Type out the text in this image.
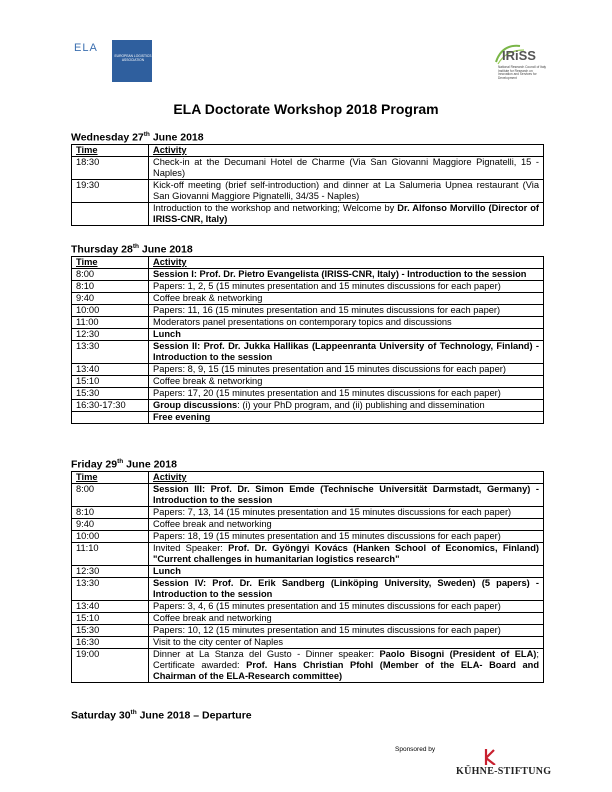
ELA
EUROPEAN LOGISTICS ASSOCIATION	IRiSS
National Research Council of Italy Institute for Research on Innovation and Services for Development
ELA Doctorate Workshop 2018 Program
Wednesday 27th June 2018
Time	Activity
18:30	Check-in at the Decumani Hotel de Charme (Via San Giovanni Maggiore Pignatelli, 15 - Naples)
19:30	Kick-off meeting (brief self-introduction) and dinner at La Salumeria Upnea restaurant (Via San Giovanni Maggiore Pignatelli, 34/35 - Naples)
	Introduction to the workshop and networking; Welcome by Dr. Alfonso Morvillo (Director of IRISS-CNR, Italy)
Thursday 28th June 2018
Time	Activity
8:00	Session I: Prof. Dr. Pietro Evangelista (IRISS-CNR, Italy) - Introduction to the session
8:10	Papers: 1, 2, 5 (15 minutes presentation and 15 minutes discussions for each paper)
9:40	Coffee break & networking
10:00	Papers: 11, 16 (15 minutes presentation and 15 minutes discussions for each paper)
11:00	Moderators panel presentations on contemporary topics and discussions
12:30	Lunch
13:30	Session II: Prof. Dr. Jukka Hallikas (Lappeenranta University of Technology, Finland) - Introduction to the session
13:40	Papers: 8, 9, 15 (15 minutes presentation and 15 minutes discussions for each paper)
15:10	Coffee break & networking
15:30	Papers: 17, 20 (15 minutes presentation and 15 minutes discussions for each paper)
16:30-17:30	Group discussions: (i) your PhD program, and (ii) publishing and dissemination
	Free evening
Friday 29th June 2018
Time	Activity
8:00	Session III: Prof. Dr. Simon Emde (Technische Universität Darmstadt, Germany) - Introduction to the session
8:10	Papers: 7, 13, 14 (15 minutes presentation and 15 minutes discussions for each paper)
9:40	Coffee break and networking
10:00	Papers: 18, 19 (15 minutes presentation and 15 minutes discussions for each paper)
11:10	Invited Speaker: Prof. Dr. Gyöngyi Kovács (Hanken School of Economics, Finland) "Current challenges in humanitarian logistics research"
12:30	Lunch
13:30	Session IV: Prof. Dr. Erik Sandberg (Linköping University, Sweden) (5 papers) - Introduction to the session
13:40	Papers: 3, 4, 6 (15 minutes presentation and 15 minutes discussions for each paper)
15:10	Coffee break and networking
15:30	Papers: 10, 12 (15 minutes presentation and 15 minutes discussions for each paper)
16:30	Visit to the city center of Naples
19:00	Dinner at La Stanza del Gusto - Dinner speaker: Paolo Bisogni (President of ELA); Certificate awarded: Prof. Hans Christian Pfohl (Member of the ELA- Board and Chairman of the ELA-Research committee)
Saturday 30th June 2018 – Departure
Sponsored by
KÜHNE-STIFTUNG
